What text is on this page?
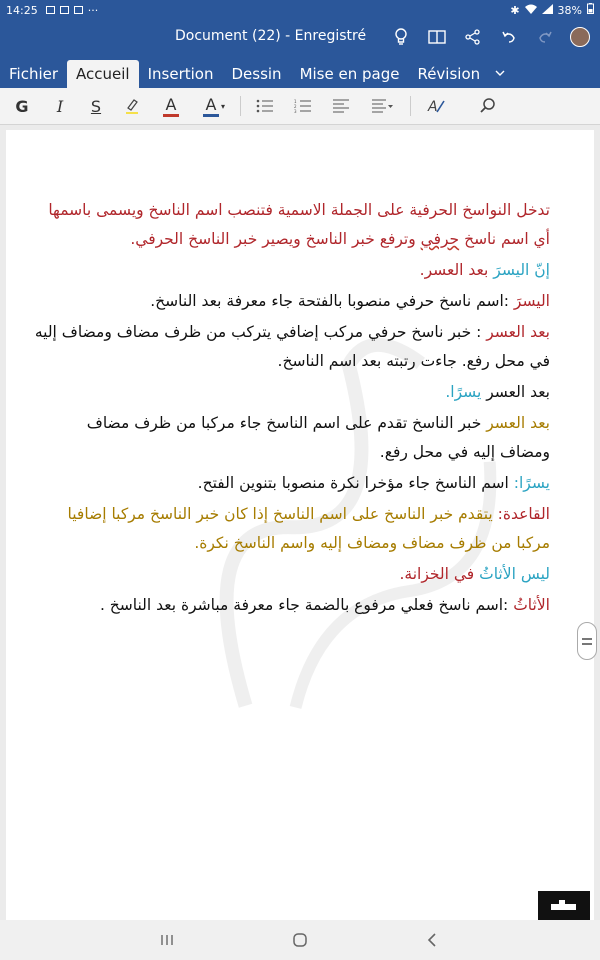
14:25	···	✱	38%
Document (22) - Enregistré
Fichier	Accueil	Insertion	Dessin	Mise en page	Révision
G	I	S	A A ▾	1
2
3	A

تدخل النواسخ الحرفية على الجملة الاسمية فتنصب اسم الناسخ ويسمى باسمها أي اسم ناسخ حرفي وترفع خبر الناسخ ويصير خبر الناسخ الحرفي.

إنّ اليسرَ بعد العسر.

اليسرَ :اسم ناسخ حرفي منصوبا بالفتحة جاء معرفة بعد الناسخ.

بعد العسر : خبر ناسخ حرفي مركب إضافي يتركب من ظرف مضاف ومضاف إليه في محل رفع. جاءت رتبته بعد اسم الناسخ.

بعد العسر يسرًا.

بعد العسر خبر الناسخ تقدم على اسم الناسخ جاء مركبا من ظرف مضاف ومضاف إليه في محل رفع.

يسرًا: اسم الناسخ جاء مؤخرا نكرة منصوبا بتنوين الفتح.

القاعدة: يتقدم خبر الناسخ على اسم الناسخ إذا كان خبر الناسخ مركبا إضافيا مركبا من ظرف مضاف ومضاف إليه واسم الناسخ نكرة.

ليس الأثاثُ في الخزانة.

الأثاثُ :اسم ناسخ فعلي مرفوع بالضمة جاء معرفة مباشرة بعد الناسخ .
